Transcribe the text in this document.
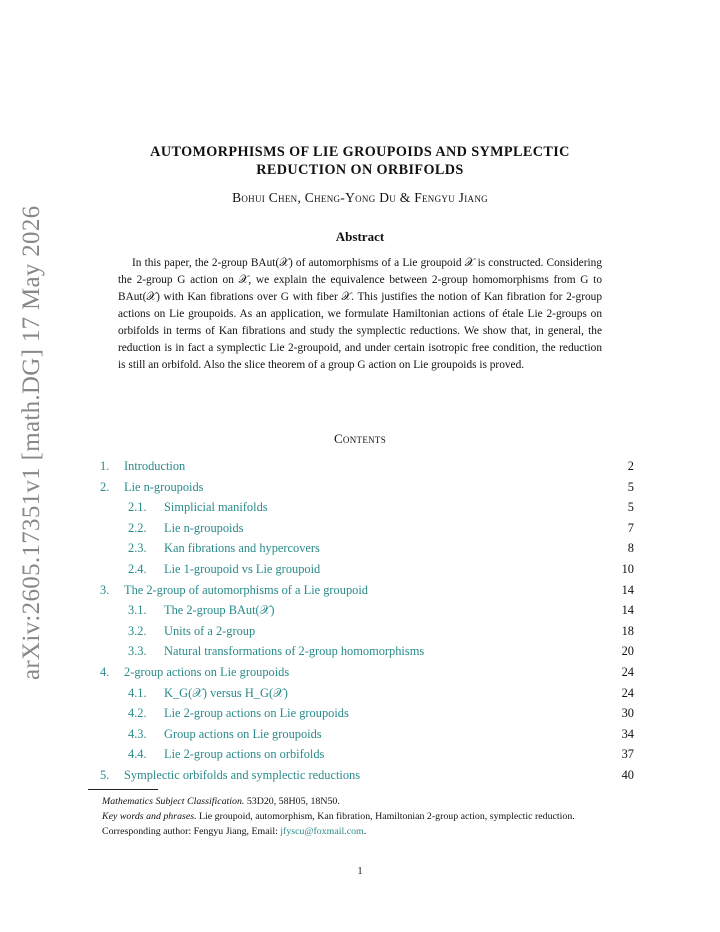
arXiv:2605.17351v1 [math.DG] 17 May 2026
AUTOMORPHISMS OF LIE GROUPOIDS AND SYMPLECTIC
REDUCTION ON ORBIFOLDS
Bohui Chen, Cheng-Yong Du & Fengyu Jiang
Abstract

In this paper, the 2-group BAut(𝒳) of automorphisms of a Lie groupoid 𝒳 is constructed. Considering the 2-group G action on 𝒳, we explain the equivalence between 2-group homomorphisms from G to BAut(𝒳) with Kan fibrations over G with fiber 𝒳. This justifies the notion of Kan fibration for 2-group actions on Lie groupoids. As an application, we formulate Hamiltonian actions of étale Lie 2-groups on orbifolds in terms of Kan fibrations and study the symplectic reductions. We show that, in general, the reduction is in fact a symplectic Lie 2-groupoid, and under certain isotropic free condition, the reduction is still an orbifold. Also the slice theorem of a group G action on Lie groupoids is proved.

Contents
1. Introduction	2
2. Lie n-groupoids	5
2.1. Simplicial manifolds	5
2.2. Lie n-groupoids	7
2.3. Kan fibrations and hypercovers	8
2.4. Lie 1-groupoid vs Lie groupoid	10
3. The 2-group of automorphisms of a Lie groupoid	14
3.1. The 2-group BAut(𝒳)	14
3.2. Units of a 2-group	18
3.3. Natural transformations of 2-group homomorphisms	20
4. 2-group actions on Lie groupoids	24
4.1. K_G(𝒳) versus H_G(𝒳)	24
4.2. Lie 2-group actions on Lie groupoids	30
4.3. Group actions on Lie groupoids	34
4.4. Lie 2-group actions on orbifolds	37
5. Symplectic orbifolds and symplectic reductions	40

Mathematics Subject Classification. 53D20, 58H05, 18N50.

Key words and phrases. Lie groupoid, automorphism, Kan fibration, Hamiltonian 2-group action, symplectic reduction.

Corresponding author: Fengyu Jiang, Email: jfyscu@foxmail.com.

1
